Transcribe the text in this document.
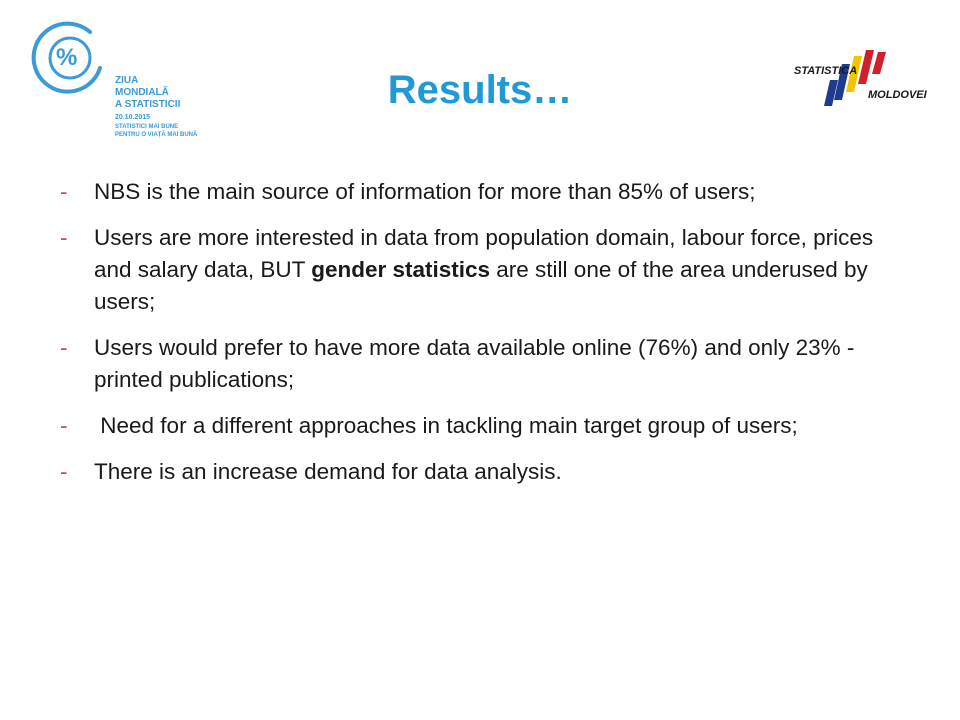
%
ZIUA
MONDIALĂ
A STATISTICII
20.10.2015
STATISTICI MAI BUNE
PENTRU O VIAȚĂ MAI BUNĂ
Results…	STATISTICA
MOLDOVEI
- NBS is the main source of information for more than 85% of users;
- Users are more interested in data from population domain, labour force, prices and salary data, BUT gender statistics are still one of the area underused by users;
- Users would prefer to have more data available online (76%) and only 23% - printed publications;
- Need for a different approaches in tackling main target group of users;
- There is an increase demand for data analysis.
